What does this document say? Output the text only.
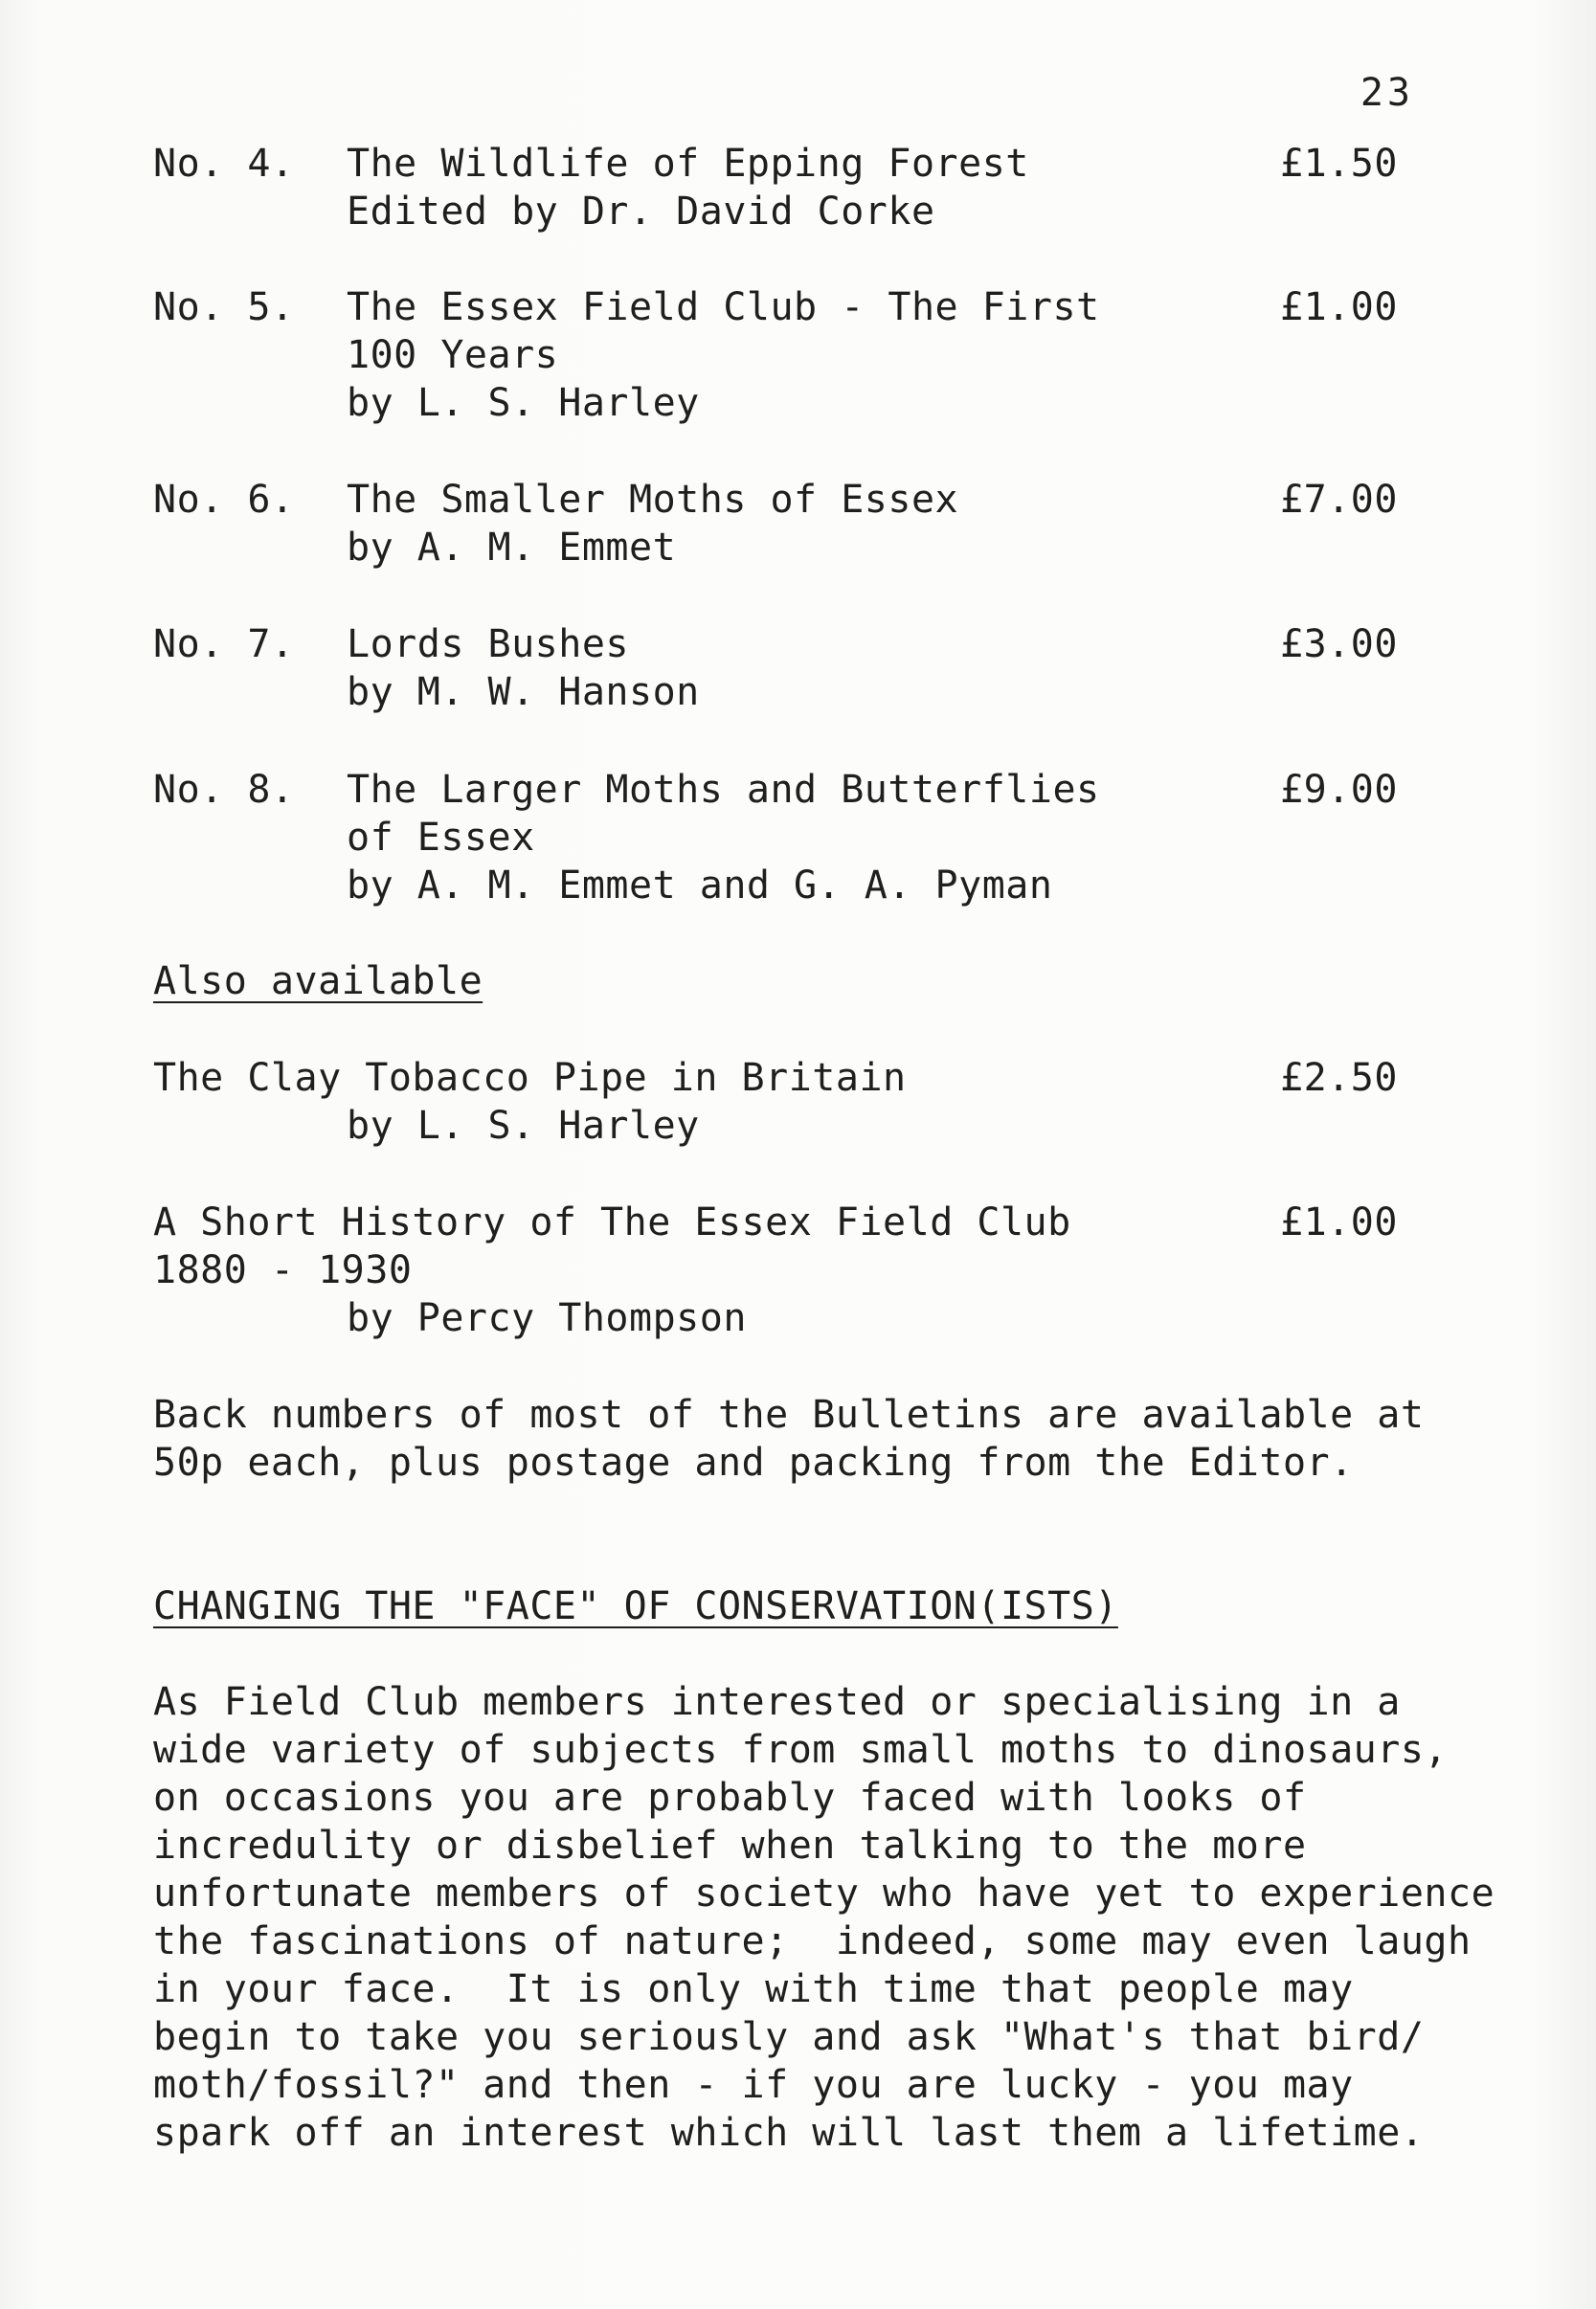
23
No. 4. The Wildlife of Epping Forest
Edited by Dr. David Corke
£1.50
No. 5. The Essex Field Club - The First
100 Years
by L. S. Harley
£1.00
No. 6. The Smaller Moths of Essex
by A. M. Emmet
£7.00
No. 7. Lords Bushes
by M. W. Hanson
£3.00
No. 8. The Larger Moths and Butterflies
of Essex
by A. M. Emmet and G. A. Pyman
£9.00
Also available
The Clay Tobacco Pipe in Britain
by L. S. Harley
£2.50
A Short History of The Essex Field Club
1880 - 1930
by Percy Thompson
£1.00
Back numbers of most of the Bulletins are available at
50p each, plus postage and packing from the Editor.
CHANGING THE "FACE" OF CONSERVATION(ISTS)
As Field Club members interested or specialising in a
wide variety of subjects from small moths to dinosaurs,
on occasions you are probably faced with looks of
incredulity or disbelief when talking to the more
unfortunate members of society who have yet to experience
the fascinations of nature;  indeed, some may even laugh
in your face.  It is only with time that people may
begin to take you seriously and ask "What's that bird/
moth/fossil?" and then - if you are lucky - you may
spark off an interest which will last them a lifetime.
